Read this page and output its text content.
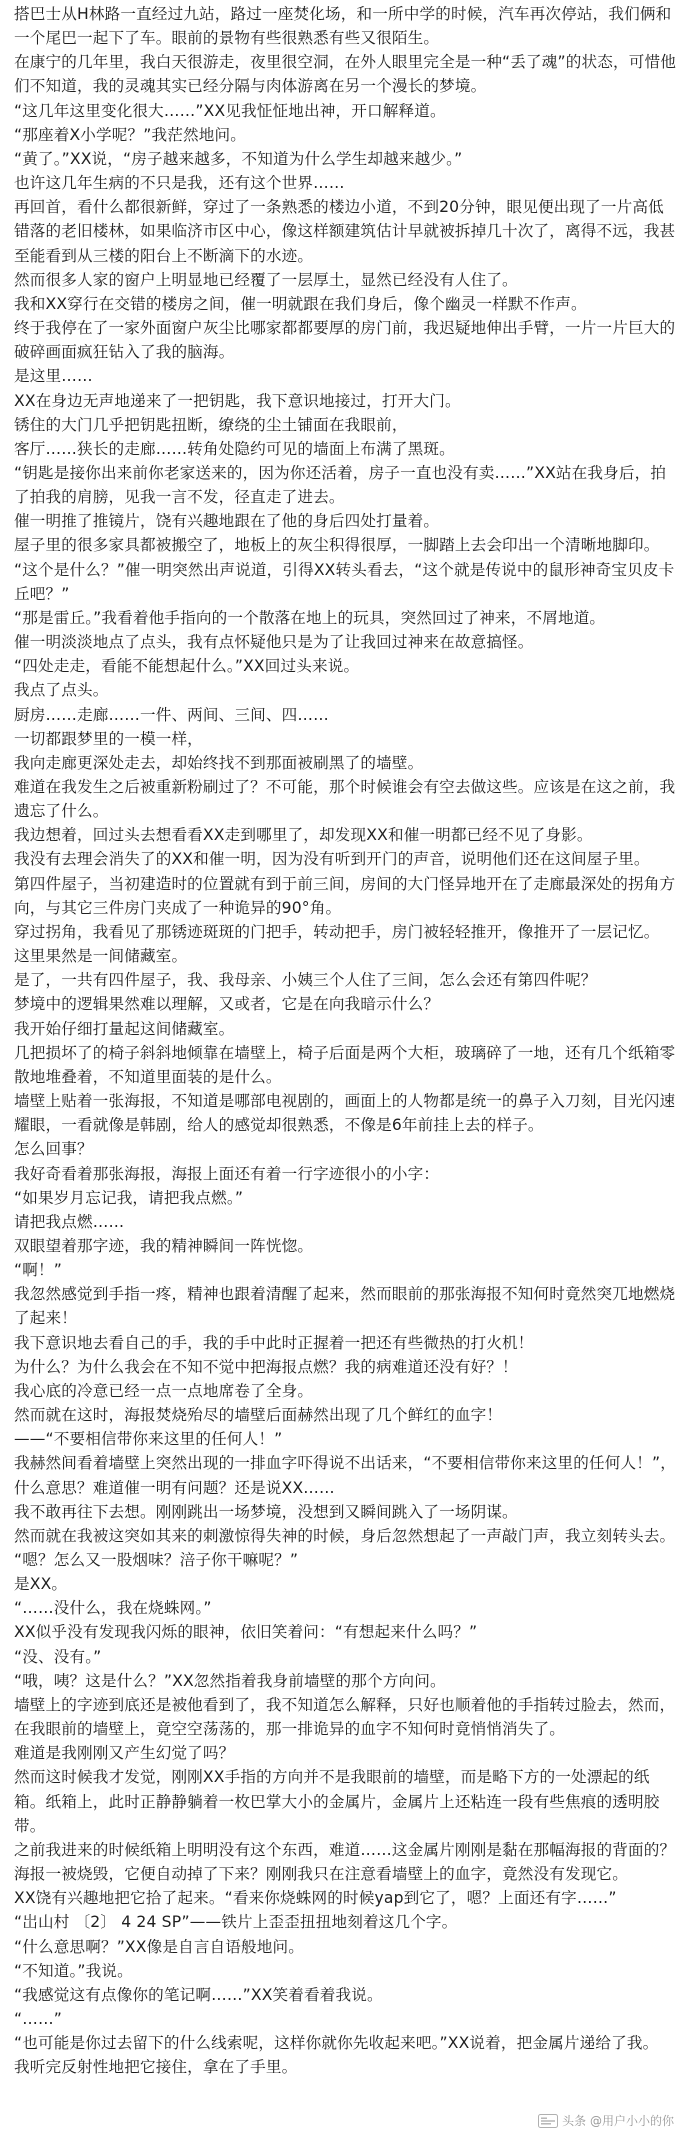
搭巴士从H林路一直经过九站，路过一座焚化场，和一所中学的时候，汽车再次停站，我们俩和一个尾巴一起下了车。眼前的景物有些很熟悉有些又很陌生。

在康宁的几年里，我白天很游走，夜里很空洞，在外人眼里完全是一种“丢了魂”的状态，可惜他们不知道，我的灵魂其实已经分隔与肉体游离在另一个漫长的梦境。

“这几年这里变化很大……”XX见我怔怔地出神，开口解释道。

“那座着X小学呢？”我茫然地问。

“黄了。”XX说，“房子越来越多，不知道为什么学生却越来越少。”

也许这几年生病的不只是我，还有这个世界……

再回首，看什么都很新鲜，穿过了一条熟悉的楼边小道，不到20分钟，眼见便出现了一片高低错落的老旧楼林，如果临济市区中心，像这样额建筑估计早就被拆掉几十次了，离得不远，我甚至能看到从三楼的阳台上不断滴下的水迹。

然而很多人家的窗户上明显地已经覆了一层厚土，显然已经没有人住了。

我和XX穿行在交错的楼房之间，催一明就跟在我们身后，像个幽灵一样默不作声。

终于我停在了一家外面窗户灰尘比哪家都都要厚的房门前，我迟疑地伸出手臂，一片一片巨大的破碎画面疯狂钻入了我的脑海。

是这里……

XX在身边无声地递来了一把钥匙，我下意识地接过，打开大门。

锈住的大门几乎把钥匙扭断，缭绕的尘土铺面在我眼前，

客厅……狭长的走廊……转角处隐约可见的墙面上布满了黑斑。

“钥匙是接你出来前你老家送来的，因为你还活着，房子一直也没有卖……”XX站在我身后，拍了拍我的肩膀，见我一言不发，径直走了进去。

催一明推了推镜片，饶有兴趣地跟在了他的身后四处打量着。

屋子里的很多家具都被搬空了，地板上的灰尘积得很厚，一脚踏上去会印出一个清晰地脚印。

“这个是什么？”催一明突然出声说道，引得XX转头看去，“这个就是传说中的鼠形神奇宝贝皮卡丘吧？”

“那是雷丘。”我看着他手指向的一个散落在地上的玩具，突然回过了神来，不屑地道。

催一明淡淡地点了点头，我有点怀疑他只是为了让我回过神来在故意搞怪。

“四处走走，看能不能想起什么。”XX回过头来说。

我点了点头。

厨房……走廊……一件、两间、三间、四……

一切都跟梦里的一模一样，

我向走廊更深处走去，却始终找不到那面被刷黑了的墙壁。

难道在我发生之后被重新粉刷过了？不可能，那个时候谁会有空去做这些。应该是在这之前，我遗忘了什么。

我边想着，回过头去想看看XX走到哪里了，却发现XX和催一明都已经不见了身影。

我没有去理会消失了的XX和催一明，因为没有听到开门的声音，说明他们还在这间屋子里。

第四件屋子，当初建造时的位置就有到于前三间，房间的大门怪异地开在了走廊最深处的拐角方向，与其它三件房门夹成了一种诡异的90°角。

穿过拐角，我看见了那锈迹斑斑的门把手，转动把手，房门被轻轻推开，像推开了一层记忆。

这里果然是一间储藏室。

是了，一共有四件屋子，我、我母亲、小姨三个人住了三间，怎么会还有第四件呢？

梦境中的逻辑果然难以理解，又或者，它是在向我暗示什么？

我开始仔细打量起这间储藏室。

几把损坏了的椅子斜斜地倾靠在墙壁上，椅子后面是两个大柜，玻璃碎了一地，还有几个纸箱零散地堆叠着，不知道里面装的是什么。

墙壁上贴着一张海报，不知道是哪部电视剧的，画面上的人物都是统一的鼻子入刀刻，目光闪速耀眼，一看就像是韩剧，给人的感觉却很熟悉，不像是6年前挂上去的样子。

怎么回事？

我好奇看着那张海报，海报上面还有着一行字迹很小的小字：

“如果岁月忘记我，请把我点燃。”

请把我点燃……

双眼望着那字迹，我的精神瞬间一阵恍惚。

“啊！”

我忽然感觉到手指一疼，精神也跟着清醒了起来，然而眼前的那张海报不知何时竟然突兀地燃烧了起来！

我下意识地去看自己的手，我的手中此时正握着一把还有些微热的打火机！

为什么？为什么我会在不知不觉中把海报点燃？我的病难道还没有好？！

我心底的冷意已经一点一点地席卷了全身。

然而就在这时，海报焚烧殆尽的墙壁后面赫然出现了几个鲜红的血字！

——“不要相信带你来这里的任何人！”

我赫然间看着墙壁上突然出现的一排血字吓得说不出话来，“不要相信带你来这里的任何人！”，什么意思？难道催一明有问题？还是说XX……

我不敢再往下去想。刚刚跳出一场梦境，没想到又瞬间跳入了一场阴谋。

然而就在我被这突如其来的刺激惊得失神的时候，身后忽然想起了一声敲门声，我立刻转头去。

“嗯？怎么又一股烟味？涪子你干嘛呢？”

是XX。

“……没什么，我在烧蛛网。”

XX似乎没有发现我闪烁的眼神，依旧笑着问：“有想起来什么吗？”

“没、没有。”

“哦，咦？这是什么？”XX忽然指着我身前墙壁的那个方向问。

墙壁上的字迹到底还是被他看到了，我不知道怎么解释，只好也顺着他的手指转过脸去，然而，在我眼前的墙壁上，竟空空荡荡的，那一排诡异的血字不知何时竟悄悄消失了。

难道是我刚刚又产生幻觉了吗？

然而这时候我才发觉，刚刚XX手指的方向并不是我眼前的墙壁，而是略下方的一处漂起的纸箱。纸箱上，此时正静静躺着一枚巴掌大小的金属片，金属片上还粘连一段有些焦痕的透明胶带。

之前我进来的时候纸箱上明明没有这个东西，难道……这金属片刚刚是黏在那幅海报的背面的？海报一被烧毁，它便自动掉了下来？刚刚我只在注意看墙壁上的血字，竟然没有发现它。

XX饶有兴趣地把它拾了起来。“看来你烧蛛网的时候yap到它了，嗯？上面还有字……”

“岀山村 〔2〕 4 24 SP”——铁片上歪歪扭扭地刻着这几个字。

“什么意思啊？”XX像是自言自语般地问。

“不知道。”我说。

“我感觉这有点像你的笔记啊……”XX笑着看着我说。

“……”

“也可能是你过去留下的什么线索呢，这样你就你先收起来吧。”XX说着，把金属片递给了我。

我听完反射性地把它接住，拿在了手里。

头条 @用户小小的你
